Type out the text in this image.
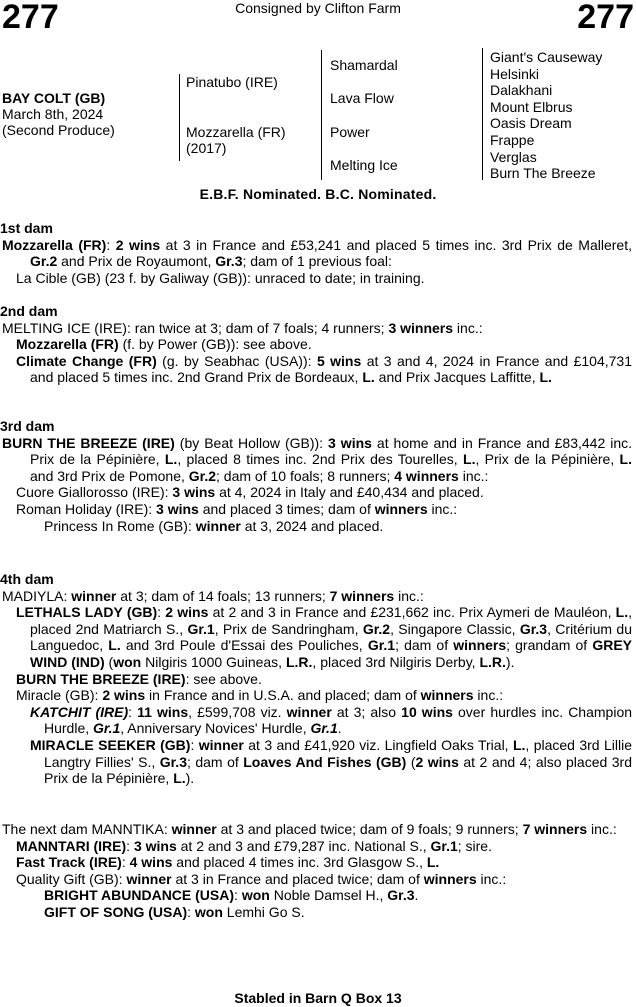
277	Consigned by Clifton Farm	277
BAY COLT (GB)
March 8th, 2024
(Second Produce)
Pinatubo (IRE)
Mozzarella (FR)
(2017)
Shamardal
Lava Flow
Power
Melting Ice
Giant's Causeway
Helsinki
Dalakhani
Mount Elbrus
Oasis Dream
Frappe
Verglas
Burn The Breeze
E.B.F. Nominated. B.C. Nominated.
1st dam

Mozzarella (FR): 2 wins at 3 in France and £53,241 and placed 5 times inc. 3rd Prix de Malleret, Gr.2 and Prix de Royaumont, Gr.3; dam of 1 previous foal:

La Cible (GB) (23 f. by Galiway (GB)): unraced to date; in training.

2nd dam

MELTING ICE (IRE): ran twice at 3; dam of 7 foals; 4 runners; 3 winners inc.:

Mozzarella (FR) (f. by Power (GB)): see above.

Climate Change (FR) (g. by Seabhac (USA)): 5 wins at 3 and 4, 2024 in France and £104,731 and placed 5 times inc. 2nd Grand Prix de Bordeaux, L. and Prix Jacques Laffitte, L.

3rd dam

BURN THE BREEZE (IRE) (by Beat Hollow (GB)): 3 wins at home and in France and £83,442 inc. Prix de la Pépinière, L., placed 8 times inc. 2nd Prix des Tourelles, L., Prix de la Pépinière, L. and 3rd Prix de Pomone, Gr.2; dam of 10 foals; 8 runners; 4 winners inc.:

Cuore Giallorosso (IRE): 3 wins at 4, 2024 in Italy and £40,434 and placed.

Roman Holiday (IRE): 3 wins and placed 3 times; dam of winners inc.:

Princess In Rome (GB): winner at 3, 2024 and placed.

4th dam

MADIYLA: winner at 3; dam of 14 foals; 13 runners; 7 winners inc.:

LETHALS LADY (GB): 2 wins at 2 and 3 in France and £231,662 inc. Prix Aymeri de Mauléon, L., placed 2nd Matriarch S., Gr.1, Prix de Sandringham, Gr.2, Singapore Classic, Gr.3, Critérium du Languedoc, L. and 3rd Poule d'Essai des Pouliches, Gr.1; dam of winners; grandam of GREY WIND (IND) (won Nilgiris 1000 Guineas, L.R., placed 3rd Nilgiris Derby, L.R.).

BURN THE BREEZE (IRE): see above.

Miracle (GB): 2 wins in France and in U.S.A. and placed; dam of winners inc.:

KATCHIT (IRE): 11 wins, £599,708 viz. winner at 3; also 10 wins over hurdles inc. Champion Hurdle, Gr.1, Anniversary Novices' Hurdle, Gr.1.

MIRACLE SEEKER (GB): winner at 3 and £41,920 viz. Lingfield Oaks Trial, L., placed 3rd Lillie Langtry Fillies' S., Gr.3; dam of Loaves And Fishes (GB) (2 wins at 2 and 4; also placed 3rd Prix de la Pépinière, L.).

The next dam MANNTIKA: winner at 3 and placed twice; dam of 9 foals; 9 runners; 7 winners inc.:

MANNTARI (IRE): 3 wins at 2 and 3 and £79,287 inc. National S., Gr.1; sire.

Fast Track (IRE): 4 wins and placed 4 times inc. 3rd Glasgow S., L.

Quality Gift (GB): winner at 3 in France and placed twice; dam of winners inc.:

BRIGHT ABUNDANCE (USA): won Noble Damsel H., Gr.3.

GIFT OF SONG (USA): won Lemhi Go S.

Stabled in Barn Q Box 13
